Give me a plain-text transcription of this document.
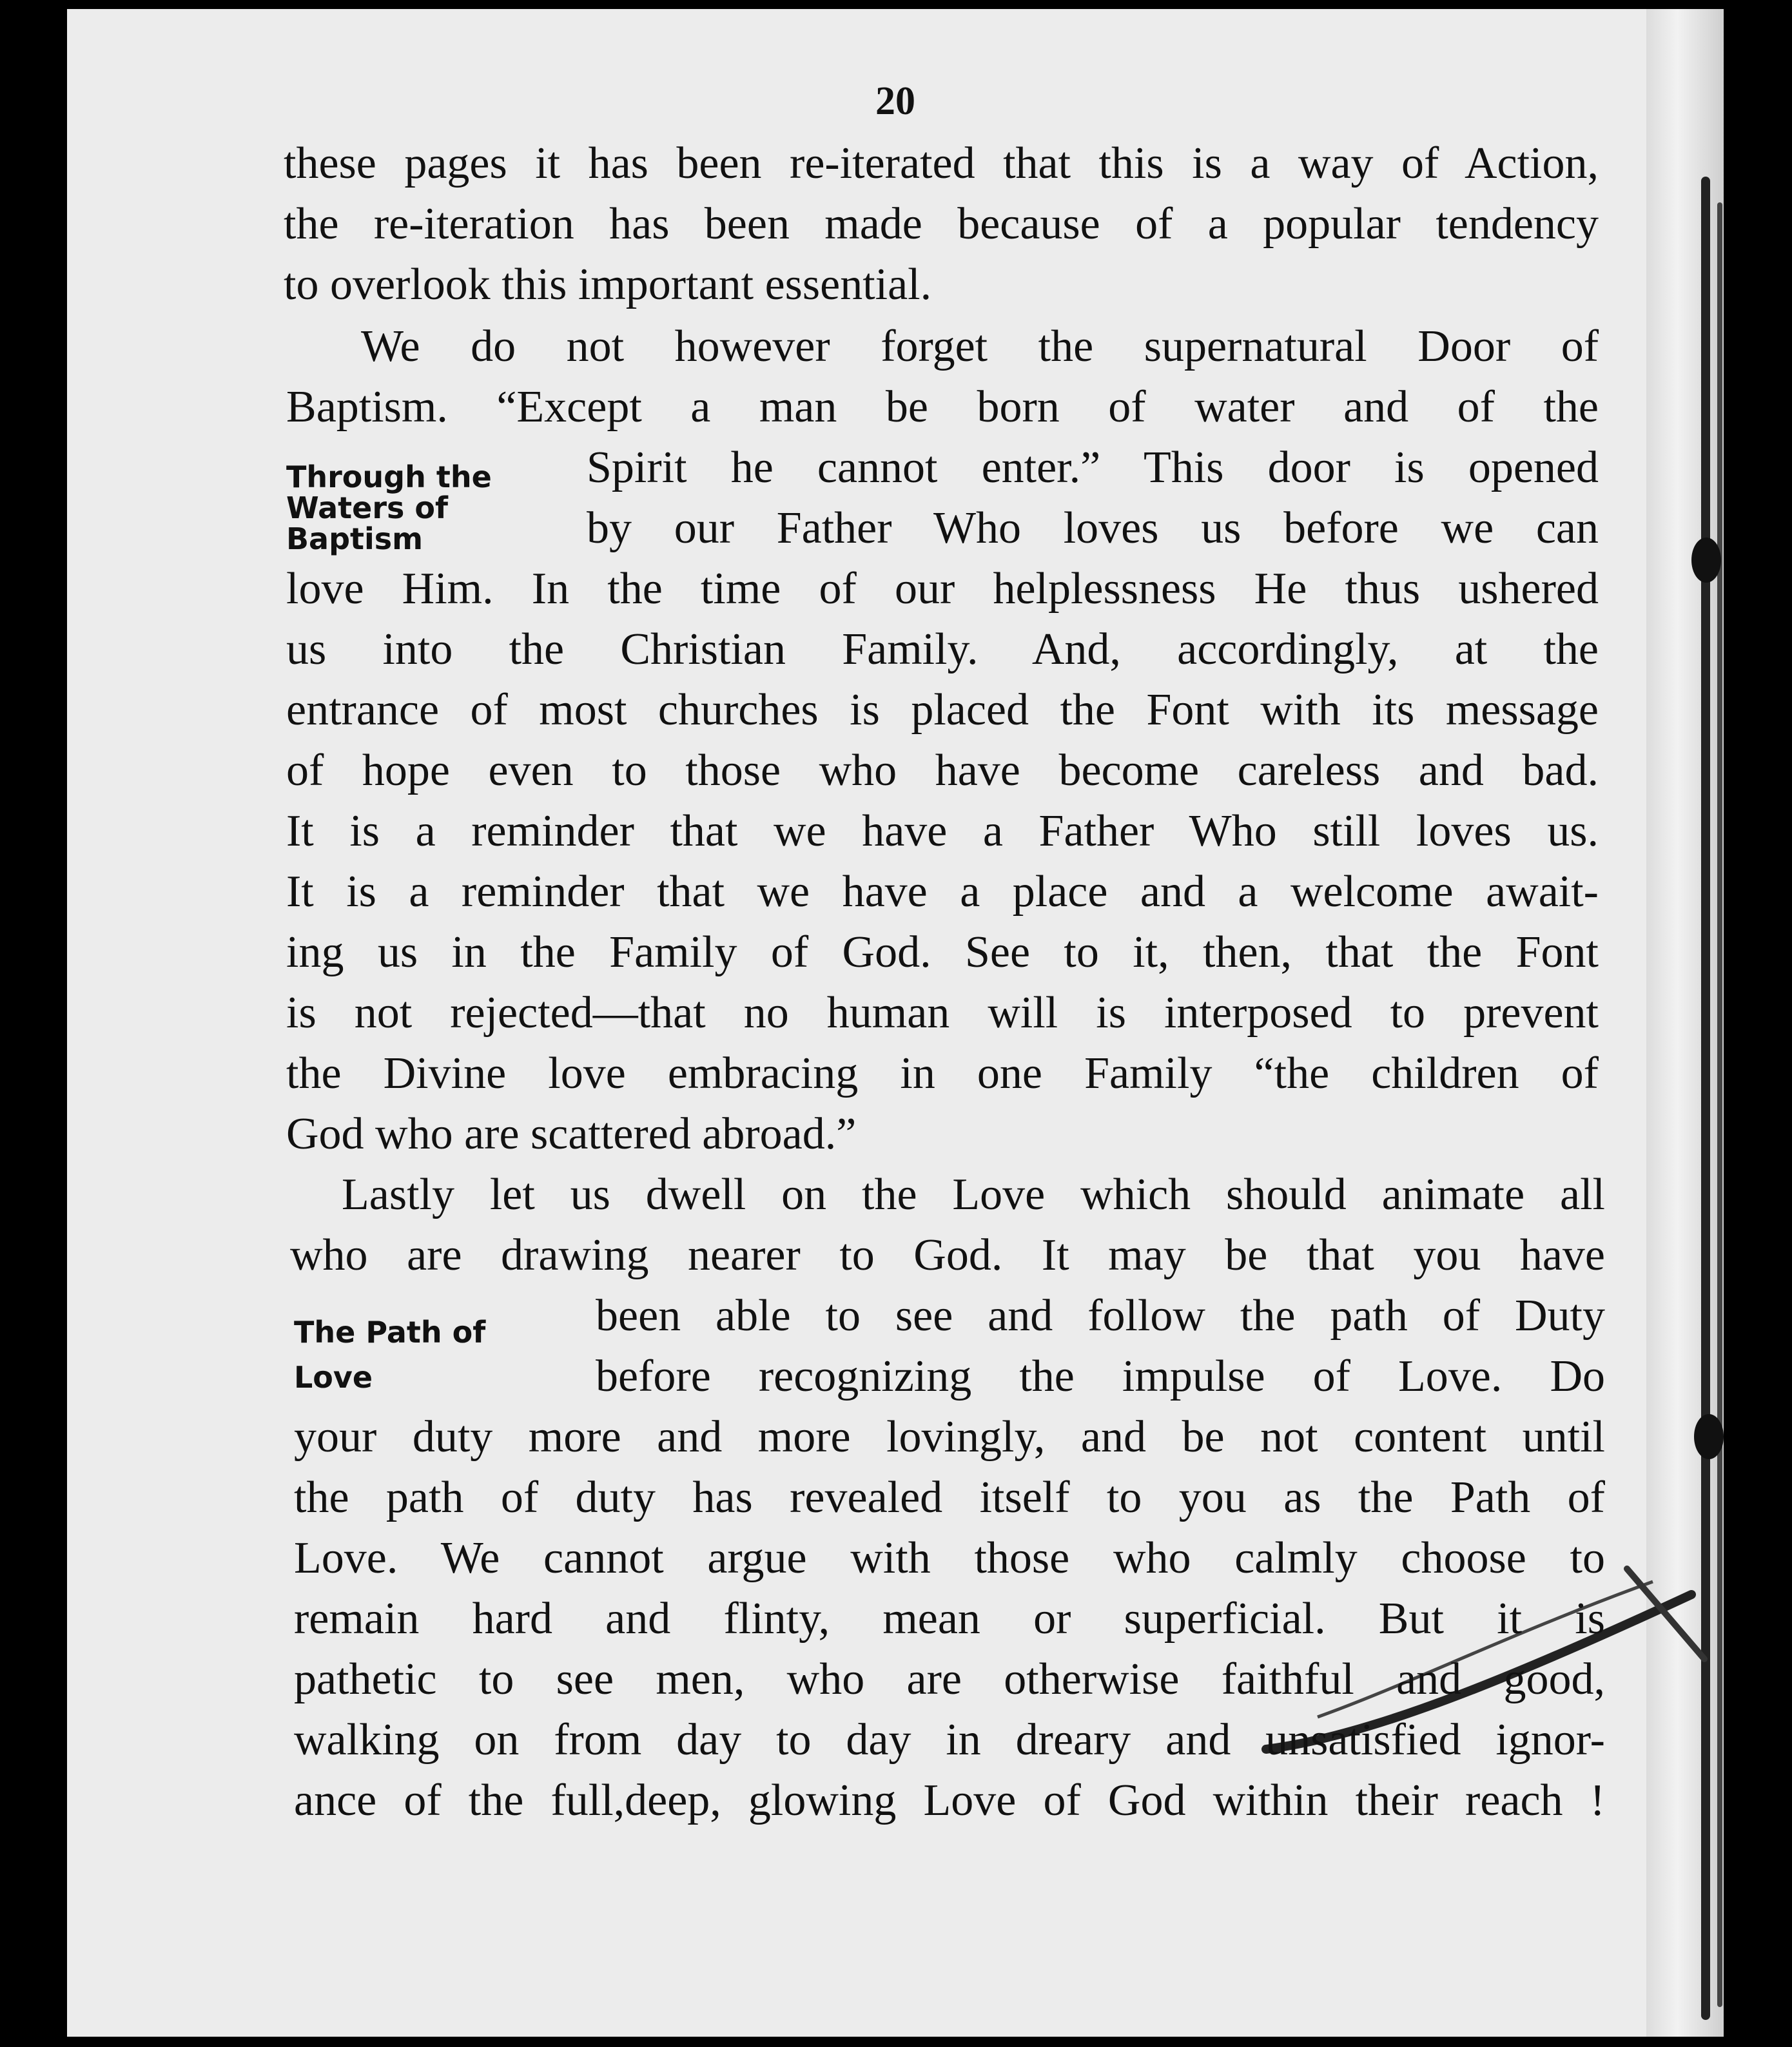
20
these pages it has been re-iterated that this is a way of Action,
the re-iteration has been made because of a popular tendency
to overlook this important essential.
We do not however forget the supernatural Door of
Baptism. “Except a man be born of water and of the
Through the
Waters of
Baptism
Spirit he cannot enter.” This door is opened
by our Father Who loves us before we can
love Him. In the time of our helplessness He thus ushered
us into the Christian Family. And, accordingly, at the
entrance of most churches is placed the Font with its message
of hope even to those who have become careless and bad.
It is a reminder that we have a Father Who still loves us.
It is a reminder that we have a place and a welcome await-
ing us in the Family of God. See to it, then, that the Font
is not rejected—that no human will is interposed to prevent
the Divine love embracing in one Family “the children of
God who are scattered abroad.”
Lastly let us dwell on the Love which should animate all
who are drawing nearer to God. It may be that you have
The Path of
Love
been able to see and follow the path of Duty
before recognizing the impulse of Love. Do
your duty more and more lovingly, and be not content until
the path of duty has revealed itself to you as the Path of
Love. We cannot argue with those who calmly choose to
remain hard and flinty, mean or superficial. But it is
pathetic to see men, who are otherwise faithful and good,
walking on from day to day in dreary and unsatisfied ignor-
ance of the full,deep, glowing Love of God within their reach !
